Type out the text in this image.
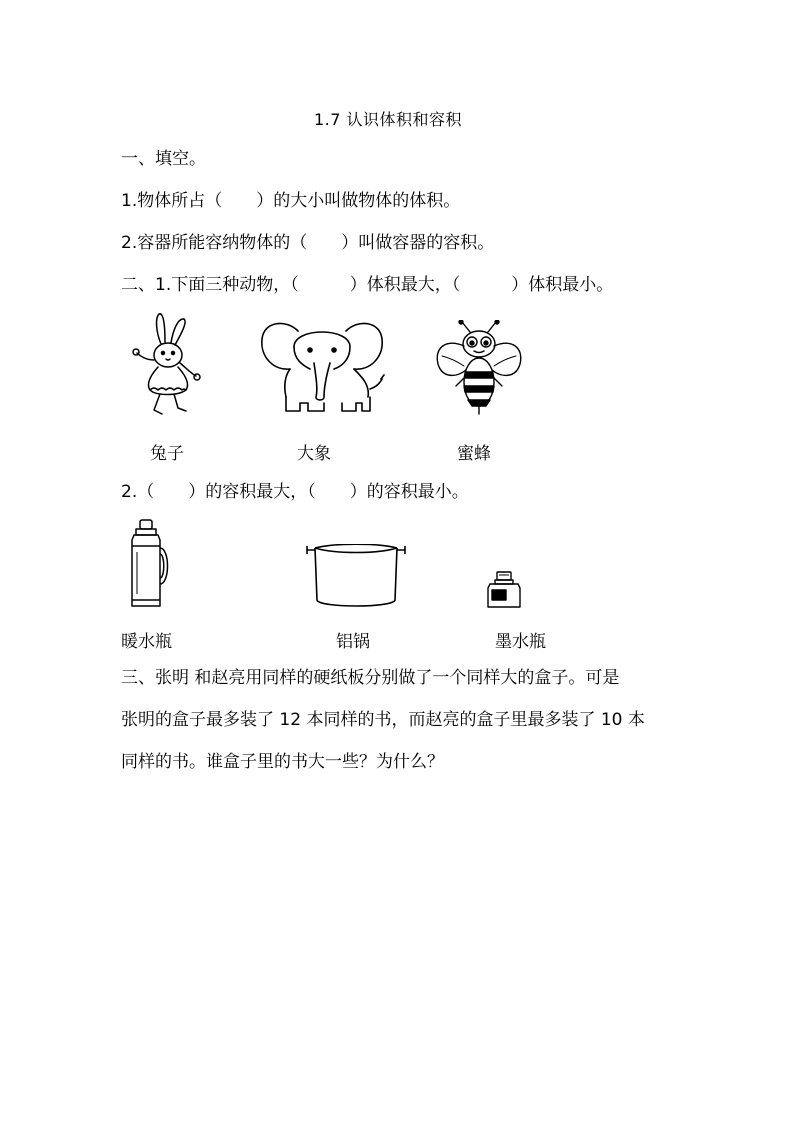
1.7 认识体积和容积
一、填空。
1.物体所占（　　）的大小叫做物体的体积。
2.容器所能容纳物体的（　　）叫做容器的容积。
二、1.下面三种动物，（　　　）体积最大，（　　　）体积最小。
兔子	大象	蜜蜂
2.（　　）的容积最大，（　　）的容积最小。
暖水瓶	铝锅	墨水瓶
三、张明 和赵亮用同样的硬纸板分别做了一个同样大的盒子。可是
张明的盒子最多装了 12 本同样的书，而赵亮的盒子里最多装了 10 本
同样的书。谁盒子里的书大一些？为什么？
